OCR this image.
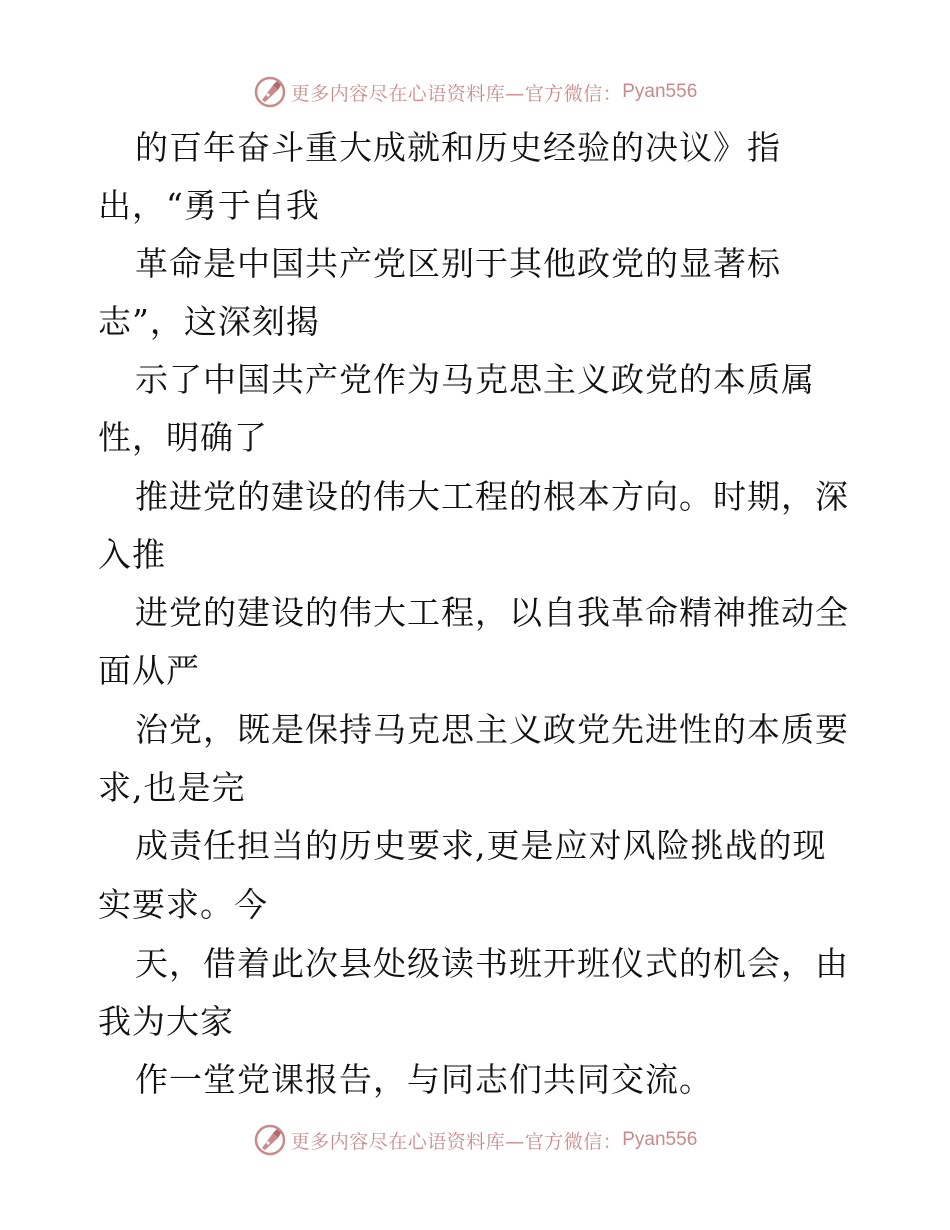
更多内容尽在心语资料库—官方微信： Pyan556
的百年奋斗重大成就和历史经验的决议》指
出，“勇于自我
革命是中国共产党区别于其他政党的显著标
志”，这深刻揭
示了中国共产党作为马克思主义政党的本质属
性，明确了
推进党的建设的伟大工程的根本方向。时期，深
入推
进党的建设的伟大工程，以自我革命精神推动全
面从严
治党，既是保持马克思主义政党先进性的本质要
求,也是完
成责任担当的历史要求,更是应对风险挑战的现
实要求。今
天，借着此次县处级读书班开班仪式的机会，由
我为大家
作一堂党课报告，与同志们共同交流。
更多内容尽在心语资料库—官方微信： Pyan556
